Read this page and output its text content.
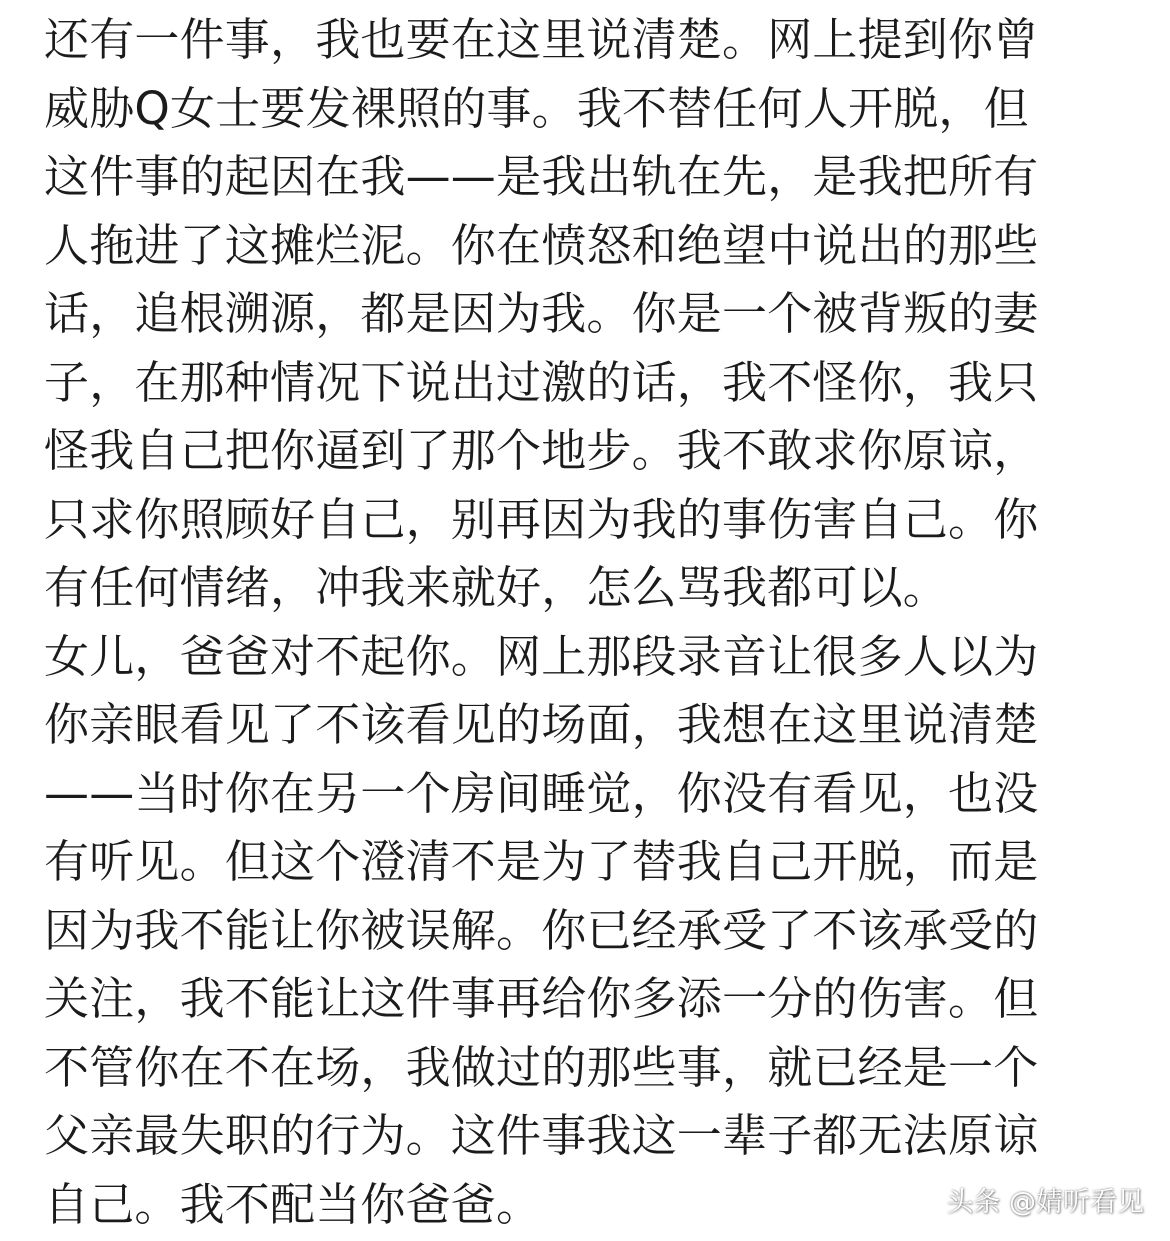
还有一件事，我也要在这里说清楚。网上提到你曾
威胁Q女士要发裸照的事。我不替任何人开脱，但
这件事的起因在我——是我出轨在先，是我把所有
人拖进了这摊烂泥。你在愤怒和绝望中说出的那些
话，追根溯源，都是因为我。你是一个被背叛的妻
子，在那种情况下说出过激的话，我不怪你，我只
怪我自己把你逼到了那个地步。我不敢求你原谅，
只求你照顾好自己，别再因为我的事伤害自己。你
有任何情绪，冲我来就好，怎么骂我都可以。
女儿，爸爸对不起你。网上那段录音让很多人以为
你亲眼看见了不该看见的场面，我想在这里说清楚
——当时你在另一个房间睡觉，你没有看见，也没
有听见。但这个澄清不是为了替我自己开脱，而是
因为我不能让你被误解。你已经承受了不该承受的
关注，我不能让这件事再给你多添一分的伤害。但
不管你在不在场，我做过的那些事，就已经是一个
父亲最失职的行为。这件事我这一辈子都无法原谅
自己。我不配当你爸爸。	头条 @婧听看见
